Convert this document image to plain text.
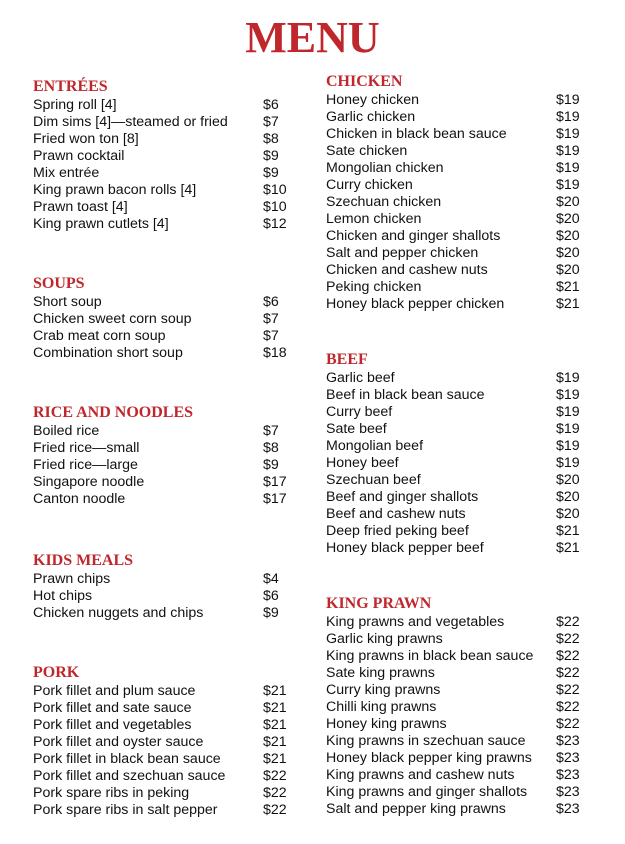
MENU
ENTRÉES
Spring roll [4]	$6
Dim sims [4]—steamed or fried $7
Fried won ton [8]	$8
Prawn cocktail	$9
Mix entrée	$9
King prawn bacon rolls [4]	$10
Prawn toast [4]	$10
King prawn cutlets [4]	$12
SOUPS
Short soup	$6
Chicken sweet corn soup	$7
Crab meat corn soup	$7
Combination short soup	$18
RICE AND NOODLES
Boiled rice	$7
Fried rice—small	$8
Fried rice—large	$9
Singapore noodle	$17
Canton noodle	$17
KIDS MEALS
Prawn chips	$4
Hot chips	$6
Chicken nuggets and chips	$9
PORK
Pork fillet and plum sauce	$21
Pork fillet and sate sauce	$21
Pork fillet and vegetables	$21
Pork fillet and oyster sauce	$21
Pork fillet in black bean sauce	$21
Pork fillet and szechuan sauce	$22
Pork spare ribs in peking	$22
Pork spare ribs in salt pepper	$22
CHICKEN
Honey chicken	$19
Garlic chicken	$19
Chicken in black bean sauce	$19
Sate chicken	$19
Mongolian chicken	$19
Curry chicken	$19
Szechuan chicken	$20
Lemon chicken	$20
Chicken and ginger shallots	$20
Salt and pepper chicken	$20
Chicken and cashew nuts	$20
Peking chicken	$21
Honey black pepper chicken	$21
BEEF
Garlic beef	$19
Beef in black bean sauce	$19
Curry beef	$19
Sate beef	$19
Mongolian beef	$19
Honey beef	$19
Szechuan beef	$20
Beef and ginger shallots	$20
Beef and cashew nuts	$20
Deep fried peking beef	$21
Honey black pepper beef	$21
KING PRAWN
King prawns and vegetables	$22
Garlic king prawns	$22
King prawns in black bean sauce $22
Sate king prawns	$22
Curry king prawns	$22
Chilli king prawns	$22
Honey king prawns	$22
King prawns in szechuan sauce $23
Honey black pepper king prawns $23
King prawns and cashew nuts	$23
King prawns and ginger shallots $23
Salt and pepper king prawns	$23
